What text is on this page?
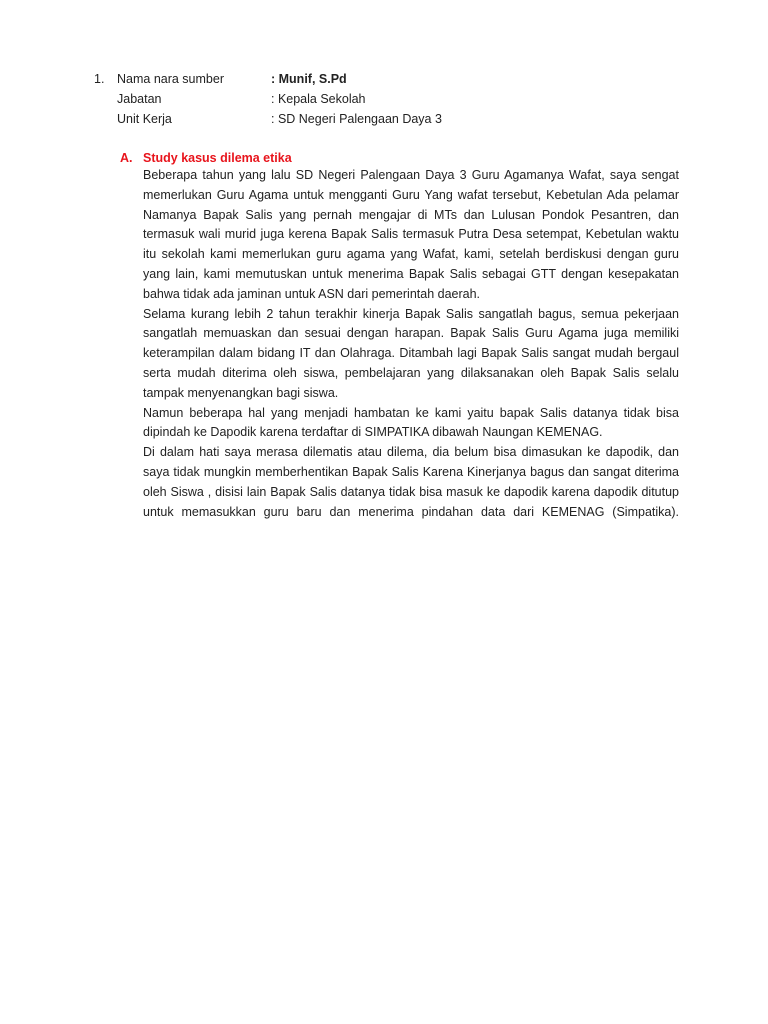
1.	Nama nara sumber	: Munif, S.Pd
Jabatan	: Kepala Sekolah
Unit Kerja	: SD Negeri Palengaan Daya 3
A. Study kasus dilema etika

Beberapa tahun yang lalu SD Negeri Palengaan Daya 3 Guru Agamanya Wafat, saya sengat memerlukan Guru Agama untuk mengganti Guru Yang wafat tersebut, Kebetulan Ada pelamar Namanya Bapak Salis yang pernah mengajar di MTs dan Lulusan Pondok Pesantren, dan termasuk wali murid juga kerena Bapak Salis termasuk Putra Desa setempat, Kebetulan waktu itu sekolah kami memerlukan guru agama yang Wafat, kami, setelah berdiskusi dengan guru yang lain, kami memutuskan untuk menerima Bapak Salis sebagai GTT dengan kesepakatan bahwa tidak ada jaminan untuk ASN dari pemerintah daerah.

Selama kurang lebih 2 tahun terakhir kinerja Bapak Salis sangatlah bagus, semua pekerjaan sangatlah memuaskan dan sesuai dengan harapan. Bapak Salis Guru Agama juga memiliki keterampilan dalam bidang IT dan Olahraga. Ditambah lagi Bapak Salis sangat mudah bergaul serta mudah diterima oleh siswa, pembelajaran yang dilaksanakan oleh Bapak Salis selalu tampak menyenangkan bagi siswa.

Namun beberapa hal yang menjadi hambatan ke kami yaitu bapak Salis datanya tidak bisa dipindah ke Dapodik karena terdaftar di SIMPATIKA dibawah Naungan KEMENAG.

Di dalam hati saya merasa dilematis atau dilema, dia belum bisa dimasukan ke dapodik, dan saya tidak mungkin memberhentikan Bapak Salis Karena Kinerjanya bagus dan sangat diterima oleh Siswa , disisi lain Bapak Salis datanya tidak bisa masuk ke dapodik karena dapodik ditutup untuk memasukkan guru baru dan menerima pindahan data dari KEMENAG (Simpatika).
